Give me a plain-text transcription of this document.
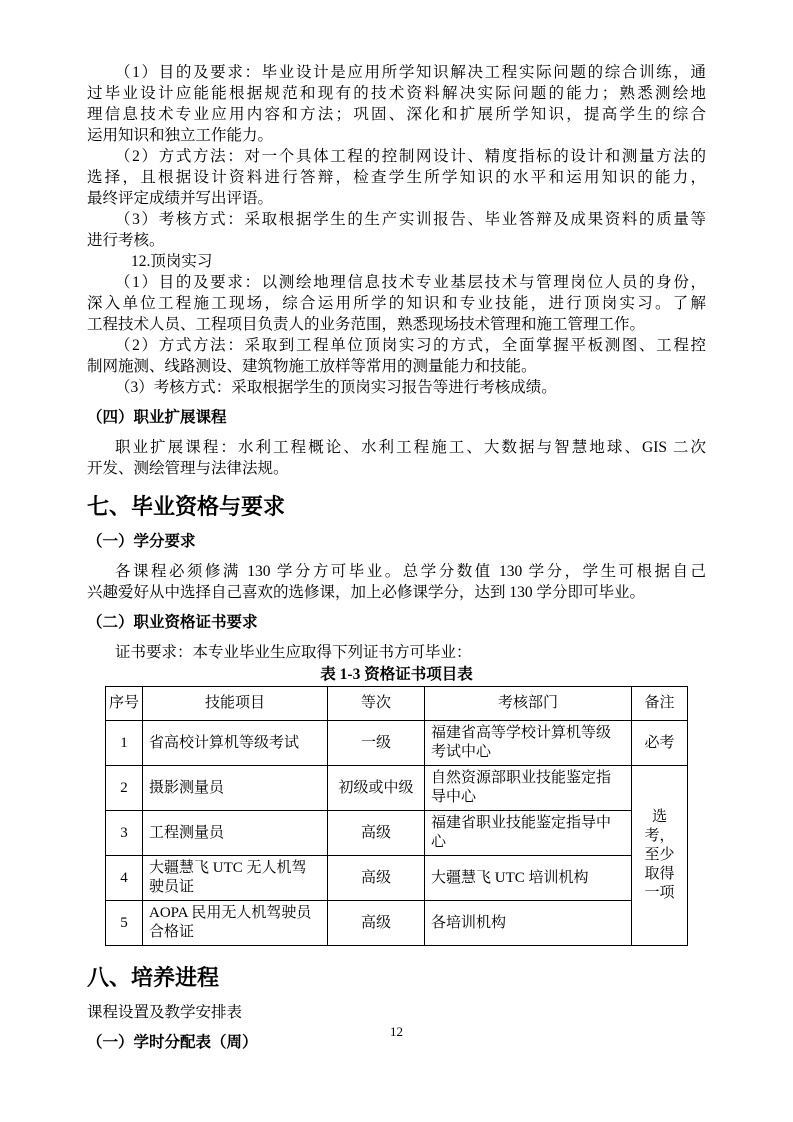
（1）目的及要求：毕业设计是应用所学知识解决工程实际问题的综合训练，通
过毕业设计应能能根据规范和现有的技术资料解决实际问题的能力；熟悉测绘地
理信息技术专业应用内容和方法；巩固、深化和扩展所学知识，提高学生的综合
运用知识和独立工作能力。
（2）方式方法：对一个具体工程的控制网设计、精度指标的设计和测量方法的
选择，且根据设计资料进行答辩，检查学生所学知识的水平和运用知识的能力，
最终评定成绩并写出评语。
（3）考核方式：采取根据学生的生产实训报告、毕业答辩及成果资料的质量等
进行考核。
12.顶岗实习
（1）目的及要求：以测绘地理信息技术专业基层技术与管理岗位人员的身份，
深入单位工程施工现场，综合运用所学的知识和专业技能，进行顶岗实习。了解
工程技术人员、工程项目负责人的业务范围，熟悉现场技术管理和施工管理工作。
（2）方式方法：采取到工程单位顶岗实习的方式，全面掌握平板测图、工程控
制网施测、线路测设、建筑物施工放样等常用的测量能力和技能。
（3）考核方式：采取根据学生的顶岗实习报告等进行考核成绩。
（四）职业扩展课程
职业扩展课程：水利工程概论、水利工程施工、大数据与智慧地球、GIS 二次
开发、测绘管理与法律法规。
七、毕业资格与要求
（一）学分要求
各课程必须修满 130 学分方可毕业。总学分数值 130 学分，学生可根据自己
兴趣爱好从中选择自己喜欢的选修课，加上必修课学分，达到 130 学分即可毕业。
（二）职业资格证书要求
证书要求：本专业毕业生应取得下列证书方可毕业：
表 1-3 资格证书项目表
序号	技能项目	等次	考核部门	备注
1	省高校计算机等级考试	一级	福建省高等学校计算机等级考试中心	必考
2	摄影测量员	初级或中级	自然资源部职业技能鉴定指导中心	选考，至少取得一项
3	工程测量员	高级	福建省职业技能鉴定指导中心	
4	大疆慧飞 UTC 无人机驾驶员证	高级	大疆慧飞 UTC 培训机构	
5	AOPA 民用无人机驾驶员合格证	高级	各培训机构	
八、培养进程
课程设置及教学安排表
（一）学时分配表（周）
12
